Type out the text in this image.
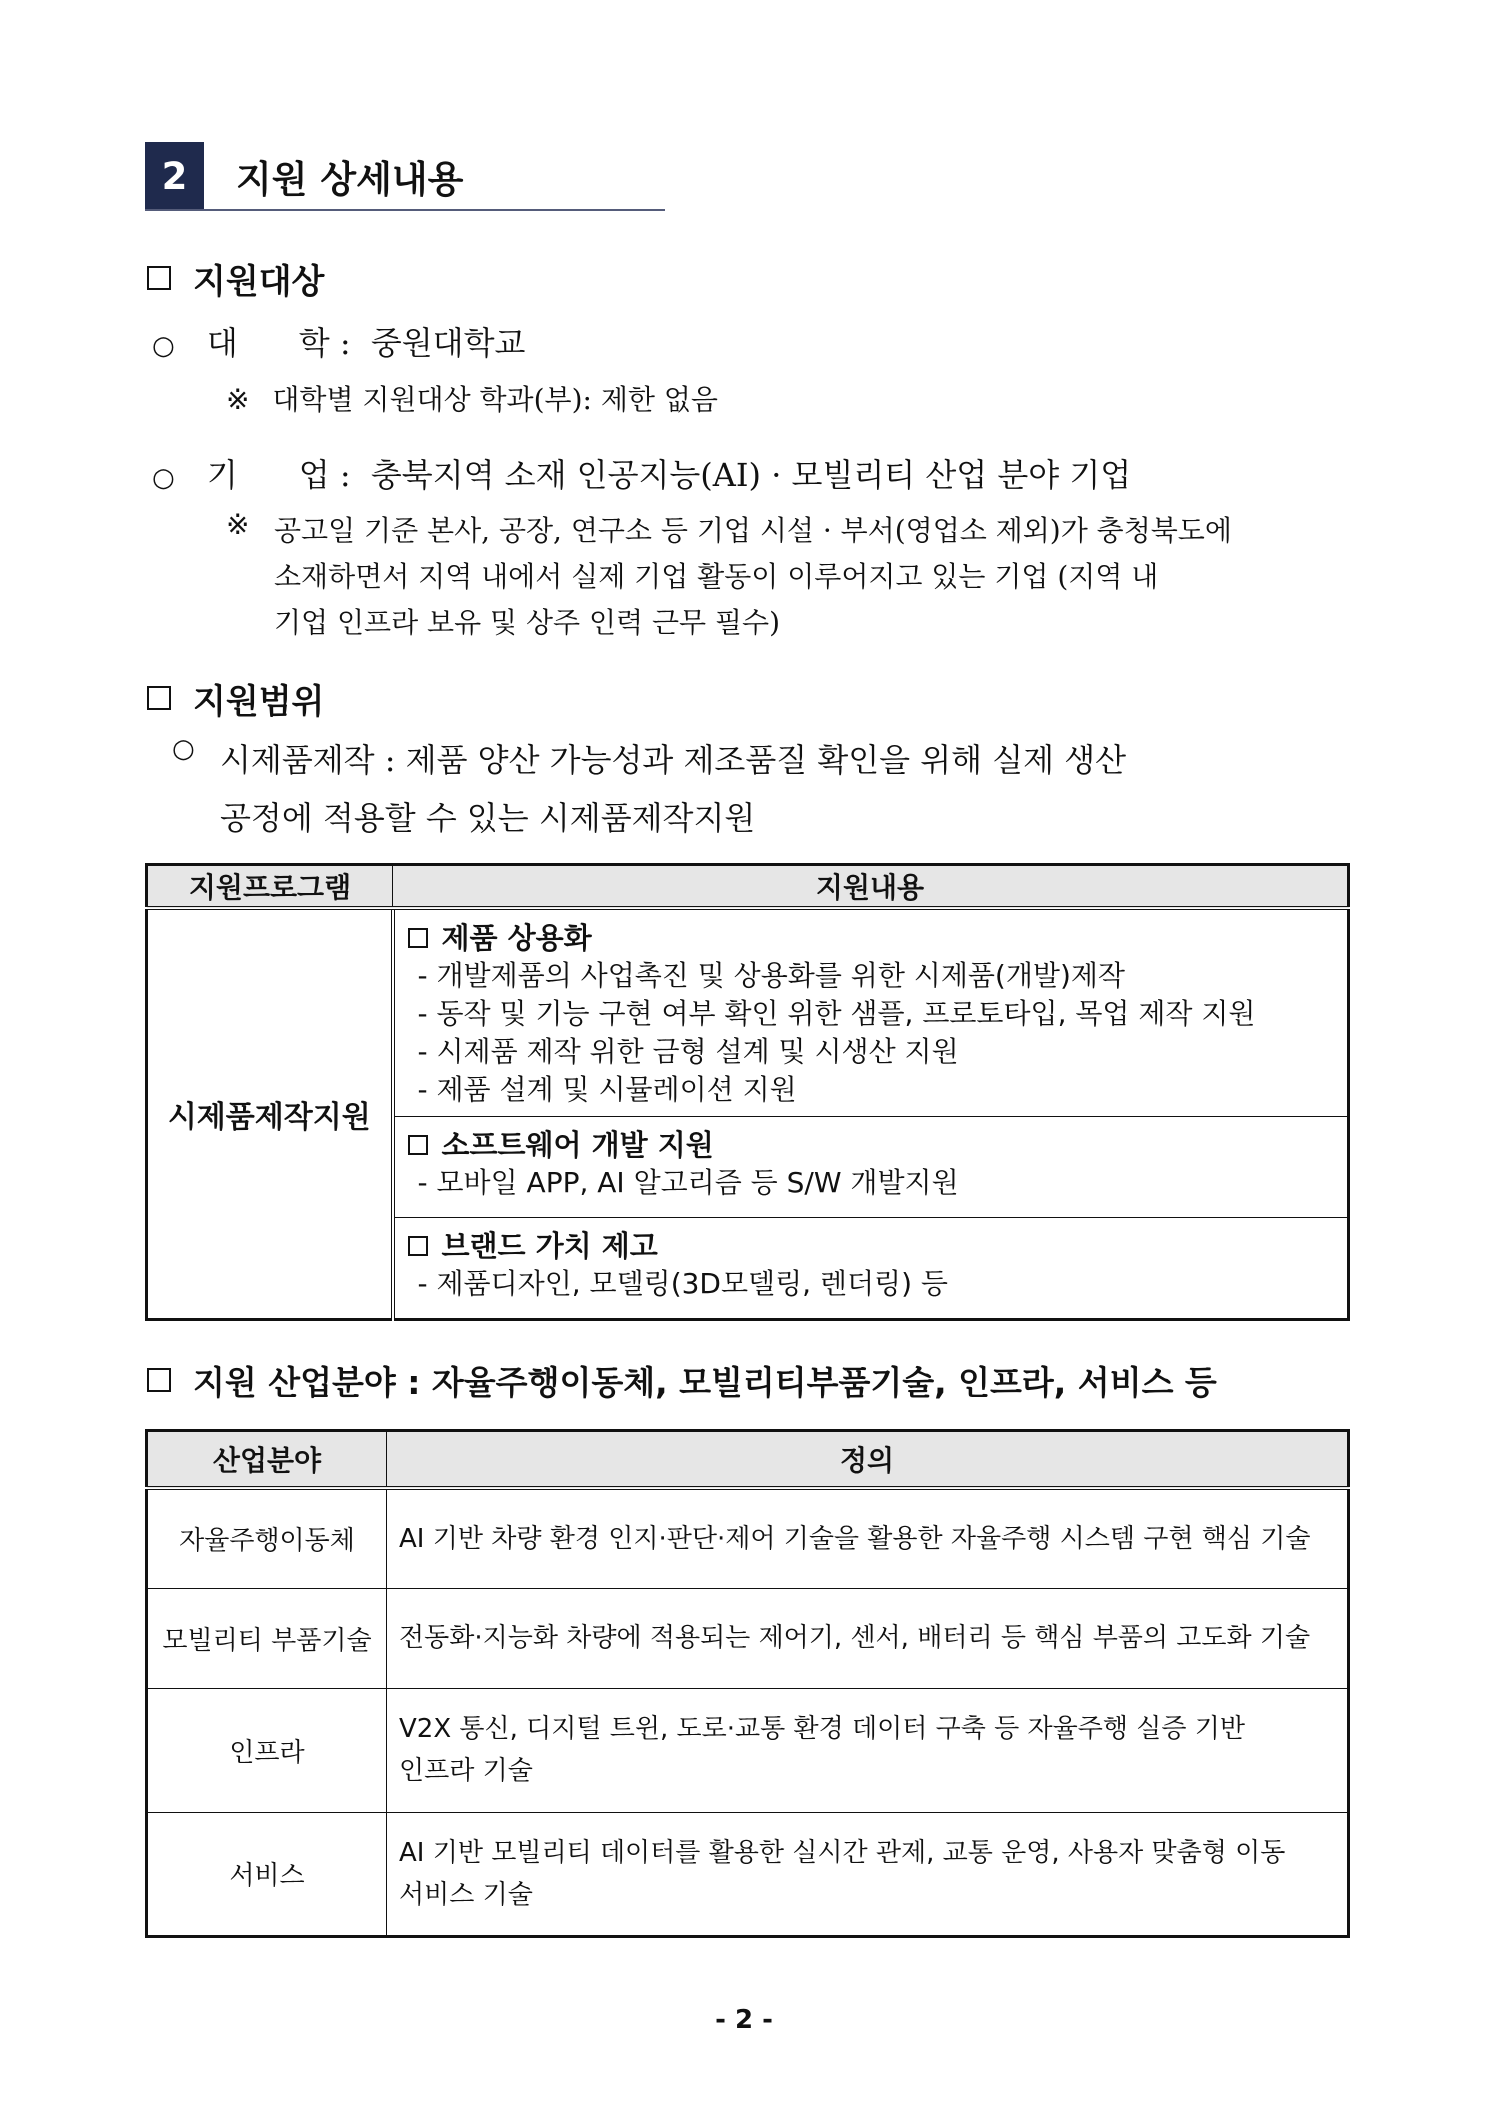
2	지원 상세내용
지원대상
○ 대      학 : 중원대학교
※ 대학별 지원대상 학과(부): 제한 없음
○ 기      업 : 충북지역 소재 인공지능(AI) · 모빌리티 산업 분야 기업
※ 공고일 기준 본사, 공장, 연구소 등 기업 시설 · 부서(영업소 제외)가 충청북도에
소재하면서 지역 내에서 실제 기업 활동이 이루어지고 있는 기업 (지역 내
기업 인프라 보유 및 상주 인력 근무 필수)
지원범위
○ 시제품제작 : 제품 양산 가능성과 제조품질 확인을 위해 실제 생산
공정에 적용할 수 있는 시제품제작지원
지원프로그램	지원내용
시제품제작지원	제품 상용화
- 개발제품의 사업촉진 및 상용화를 위한 시제품(개발)제작
- 동작 및 기능 구현 여부 확인 위한 샘플, 프로토타입, 목업 제작 지원
- 시제품 제작 위한 금형 설계 및 시생산 지원
- 제품 설계 및 시뮬레이션 지원

	소프트웨어 개발 지원
- 모바일 APP, AI 알고리즘 등 S/W 개발지원

	브랜드 가치 제고
- 제품디자인, 모델링(3D모델링, 렌더링) 등
지원 산업분야 : 자율주행이동체, 모빌리티부품기술, 인프라, 서비스 등
산업분야	정의
자율주행이동체	AI 기반 차량 환경 인지·판단·제어 기술을 활용한 자율주행 시스템 구현 핵심 기술

모빌리티 부품기술	전동화·지능화 차량에 적용되는 제어기, 센서, 배터리 등 핵심 부품의 고도화 기술

인프라	V2X 통신, 디지털 트윈, 도로·교통 환경 데이터 구축 등 자율주행 실증 기반
인프라 기술

서비스	AI 기반 모빌리티 데이터를 활용한 실시간 관제, 교통 운영, 사용자 맞춤형 이동
서비스 기술
- 2 -
